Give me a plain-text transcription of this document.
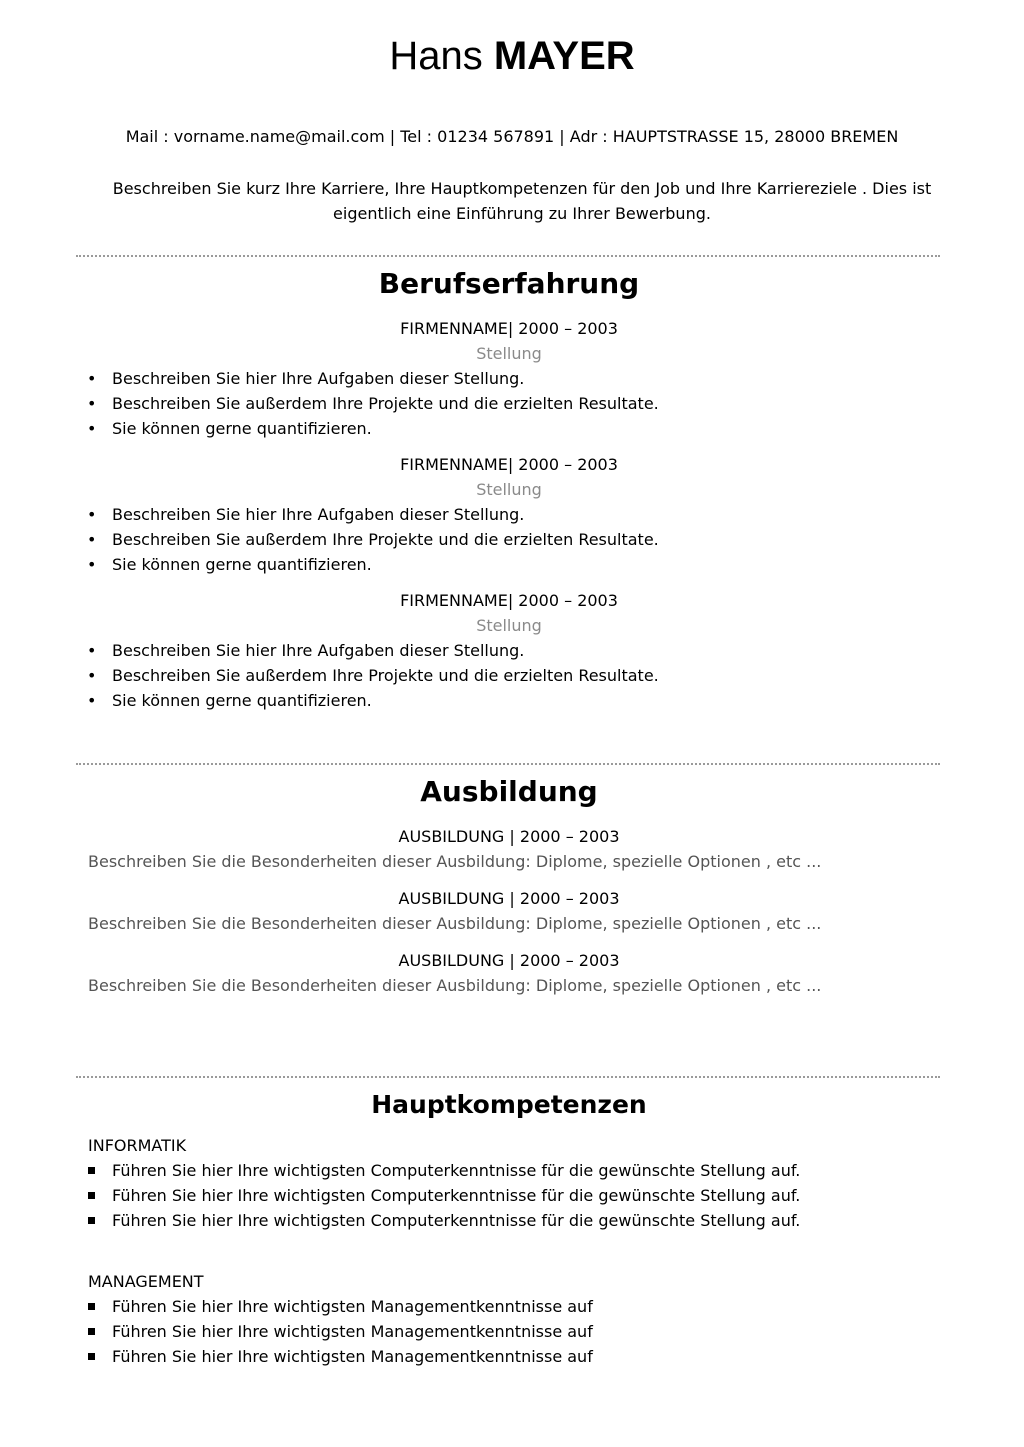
Hans MAYER
Mail : vorname.name@mail.com | Tel : 01234 567891 | Adr : HAUPTSTRASSE 15, 28000 BREMEN
Beschreiben Sie kurz Ihre Karriere, Ihre Hauptkompetenzen für den Job und Ihre Karriereziele . Dies ist
eigentlich eine Einführung zu Ihrer Bewerbung.
Berufserfahrung
FIRMENNAME| 2000 – 2003
Stellung
Beschreiben Sie hier Ihre Aufgaben dieser Stellung.
Beschreiben Sie außerdem Ihre Projekte und die erzielten Resultate.
Sie können gerne quantifizieren.
FIRMENNAME| 2000 – 2003
Stellung
Beschreiben Sie hier Ihre Aufgaben dieser Stellung.
Beschreiben Sie außerdem Ihre Projekte und die erzielten Resultate.
Sie können gerne quantifizieren.
FIRMENNAME| 2000 – 2003
Stellung
Beschreiben Sie hier Ihre Aufgaben dieser Stellung.
Beschreiben Sie außerdem Ihre Projekte und die erzielten Resultate.
Sie können gerne quantifizieren.
Ausbildung
AUSBILDUNG | 2000 – 2003
Beschreiben Sie die Besonderheiten dieser Ausbildung: Diplome, spezielle Optionen , etc ...
AUSBILDUNG | 2000 – 2003
Beschreiben Sie die Besonderheiten dieser Ausbildung: Diplome, spezielle Optionen , etc ...
AUSBILDUNG | 2000 – 2003
Beschreiben Sie die Besonderheiten dieser Ausbildung: Diplome, spezielle Optionen , etc ...
Hauptkompetenzen
INFORMATIK
Führen Sie hier Ihre wichtigsten Computerkenntnisse für die gewünschte Stellung auf.
Führen Sie hier Ihre wichtigsten Computerkenntnisse für die gewünschte Stellung auf.
Führen Sie hier Ihre wichtigsten Computerkenntnisse für die gewünschte Stellung auf.
MANAGEMENT
Führen Sie hier Ihre wichtigsten Managementkenntnisse auf
Führen Sie hier Ihre wichtigsten Managementkenntnisse auf
Führen Sie hier Ihre wichtigsten Managementkenntnisse auf
